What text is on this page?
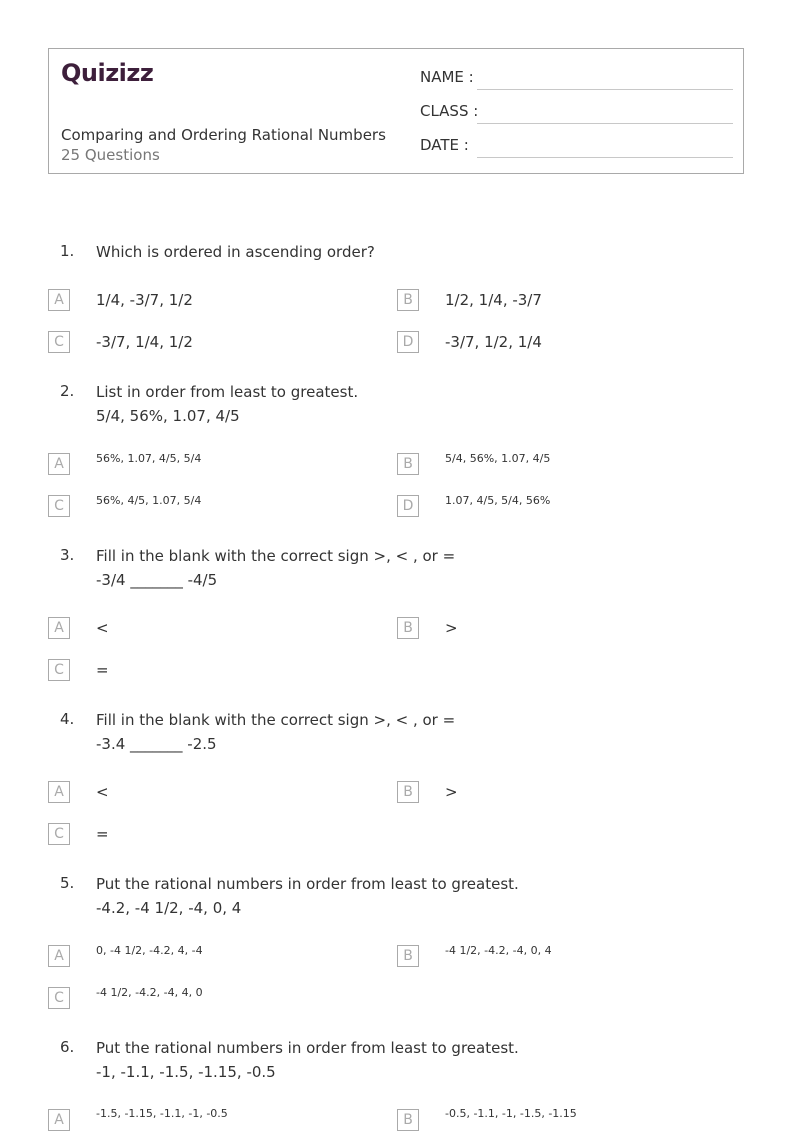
Quizizz
Comparing and Ordering Rational Numbers
25 Questions
NAME :
CLASS :
DATE :
1. Which is ordered in ascending order?
A	1/4, -3/7, 1/2	B	1/2, 1/4, -3/7
C	-3/7, 1/4, 1/2	D	-3/7, 1/2, 1/4
2. List in order from least to greatest.
5/4, 56%, 1.07, 4/5
A	56%, 1.07, 4/5, 5/4	B	5/4, 56%, 1.07, 4/5
C	56%, 4/5, 1.07, 5/4	D	1.07, 4/5, 5/4, 56%
3. Fill in the blank with the correct sign >, < , or =
-3/4 _______ -4/5
A	<	B	>
C	=
4. Fill in the blank with the correct sign >, < , or =
-3.4 _______ -2.5
A	<	B	>
C	=
5. Put the rational numbers in order from least to greatest.
-4.2, -4 1/2, -4, 0, 4
A	0, -4 1/2, -4.2, 4, -4	B	-4 1/2, -4.2, -4, 0, 4
C	-4 1/2, -4.2, -4, 4, 0
6. Put the rational numbers in order from least to greatest.
-1, -1.1, -1.5, -1.15, -0.5
A	-1.5, -1.15, -1.1, -1, -0.5	B	-0.5, -1.1, -1, -1.5, -1.15
